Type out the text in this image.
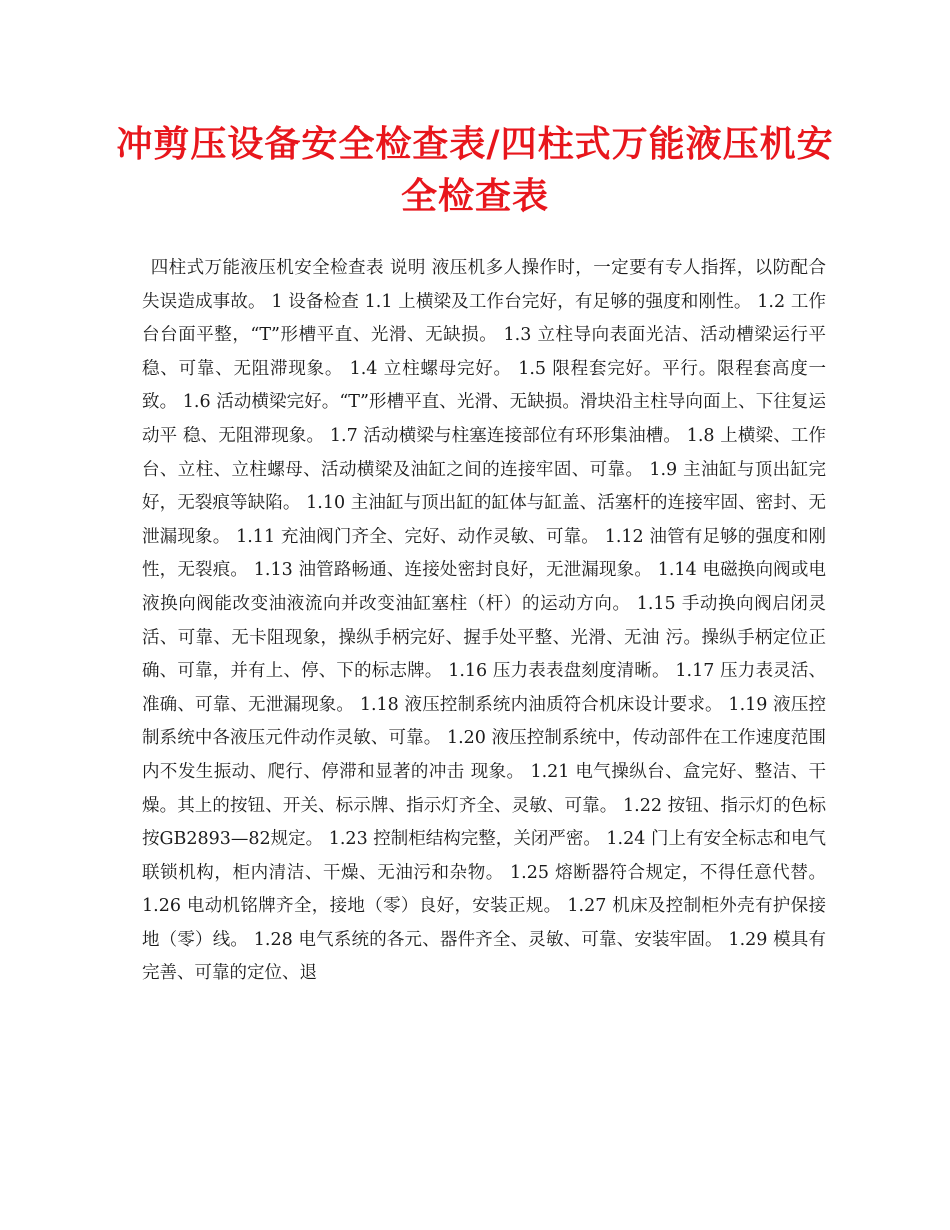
冲剪压设备安全检查表/四柱式万能液压机安全检查表

四柱式万能液压机安全检查表 说明 液压机多人操作时，一定要有专人指挥，以防配合失误造成事故。 1 设备检查 1.1 上横梁及工作台完好，有足够的强度和刚性。 1.2 工作台台面平整，“T”形槽平直、光滑、无缺损。 1.3 立柱导向表面光洁、活动槽梁运行平稳、可靠、无阻滞现象。 1.4 立柱螺母完好。 1.5 限程套完好。平行。限程套高度一致。 1.6 活动横梁完好。“T”形槽平直、光滑、无缺损。滑块沿主柱导向面上、下往复运动平 稳、无阻滞现象。 1.7 活动横梁与柱塞连接部位有环形集油槽。 1.8 上横梁、工作台、立柱、立柱螺母、活动横梁及油缸之间的连接牢固、可靠。 1.9 主油缸与顶出缸完好，无裂痕等缺陷。 1.10 主油缸与顶出缸的缸体与缸盖、活塞杆的连接牢固、密封、无泄漏现象。 1.11 充油阀门齐全、完好、动作灵敏、可靠。 1.12 油管有足够的强度和刚性，无裂痕。 1.13 油管路畅通、连接处密封良好，无泄漏现象。 1.14 电磁换向阀或电液换向阀能改变油液流向并改变油缸塞柱（杆）的运动方向。 1.15 手动换向阀启闭灵活、可靠、无卡阻现象，操纵手柄完好、握手处平整、光滑、无油 污。操纵手柄定位正确、可靠，并有上、停、下的标志牌。 1.16 压力表表盘刻度清晰。 1.17 压力表灵活、准确、可靠、无泄漏现象。 1.18 液压控制系统内油质符合机床设计要求。 1.19 液压控制系统中各液压元件动作灵敏、可靠。 1.20 液压控制系统中，传动部件在工作速度范围内不发生振动、爬行、停滞和显著的冲击 现象。 1.21 电气操纵台、盒完好、整洁、干燥。其上的按钮、开关、标示牌、指示灯齐全、灵敏、可靠。 1.22 按钮、指示灯的色标按GB2893—82规定。 1.23 控制柜结构完整，关闭严密。 1.24 门上有安全标志和电气联锁机构，柜内清洁、干燥、无油污和杂物。 1.25 熔断器符合规定，不得任意代替。 1.26 电动机铭牌齐全，接地（零）良好，安装正规。 1.27 机床及控制柜外壳有护保接地（零）线。 1.28 电气系统的各元、器件齐全、灵敏、可靠、安装牢固。 1.29 模具有完善、可靠的定位、退
